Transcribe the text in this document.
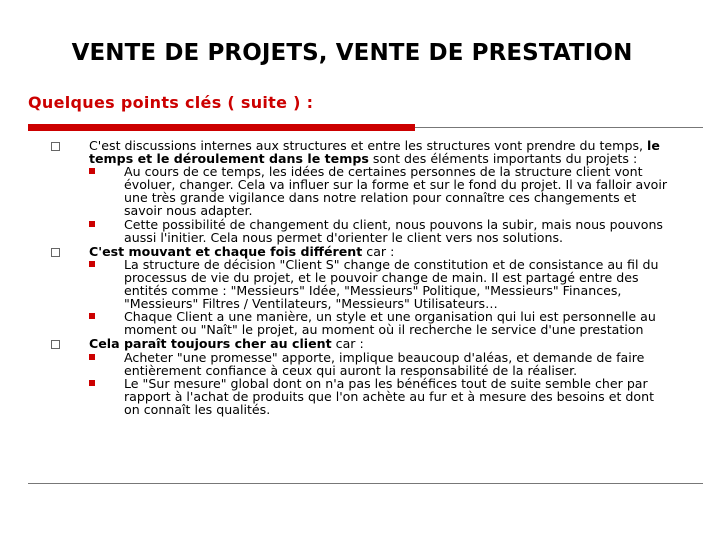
VENTE DE PROJETS, VENTE DE PRESTATION
Quelques points clés ( suite ) :
C'est discussions internes aux structures et entre les structures vont prendre du temps, le temps et le déroulement dans le temps sont des éléments importants du projets :
Au cours de ce temps, les idées de certaines personnes de la structure client vont évoluer, changer. Cela va influer sur la forme et sur le fond du projet. Il va falloir avoir une très grande vigilance dans notre relation pour connaître ces changements et savoir nous adapter.
Cette possibilité de changement du client, nous pouvons la subir, mais nous pouvons aussi l'initier. Cela nous permet d'orienter le client vers nos solutions.
C'est mouvant et chaque fois différent car :
La structure de décision "Client S" change de constitution et de consistance au fil du processus de vie du projet, et le pouvoir change de main. Il est partagé entre des entités comme : "Messieurs" Idée, "Messieurs" Politique, "Messieurs" Finances, "Messieurs" Filtres / Ventilateurs, "Messieurs" Utilisateurs…
Chaque Client a une manière, un style et une organisation qui lui est personnelle au moment ou "Naît" le projet, au moment où il recherche le service d'une prestation
Cela paraît toujours cher au client car :
Acheter "une promesse" apporte, implique beaucoup d'aléas, et demande de faire entièrement confiance à ceux qui auront la responsabilité de la réaliser.
Le "Sur mesure" global dont on n'a pas les bénéfices tout de suite semble cher par rapport à l'achat de produits que l'on achète au fur et à mesure des besoins et dont on connaît les qualités.
